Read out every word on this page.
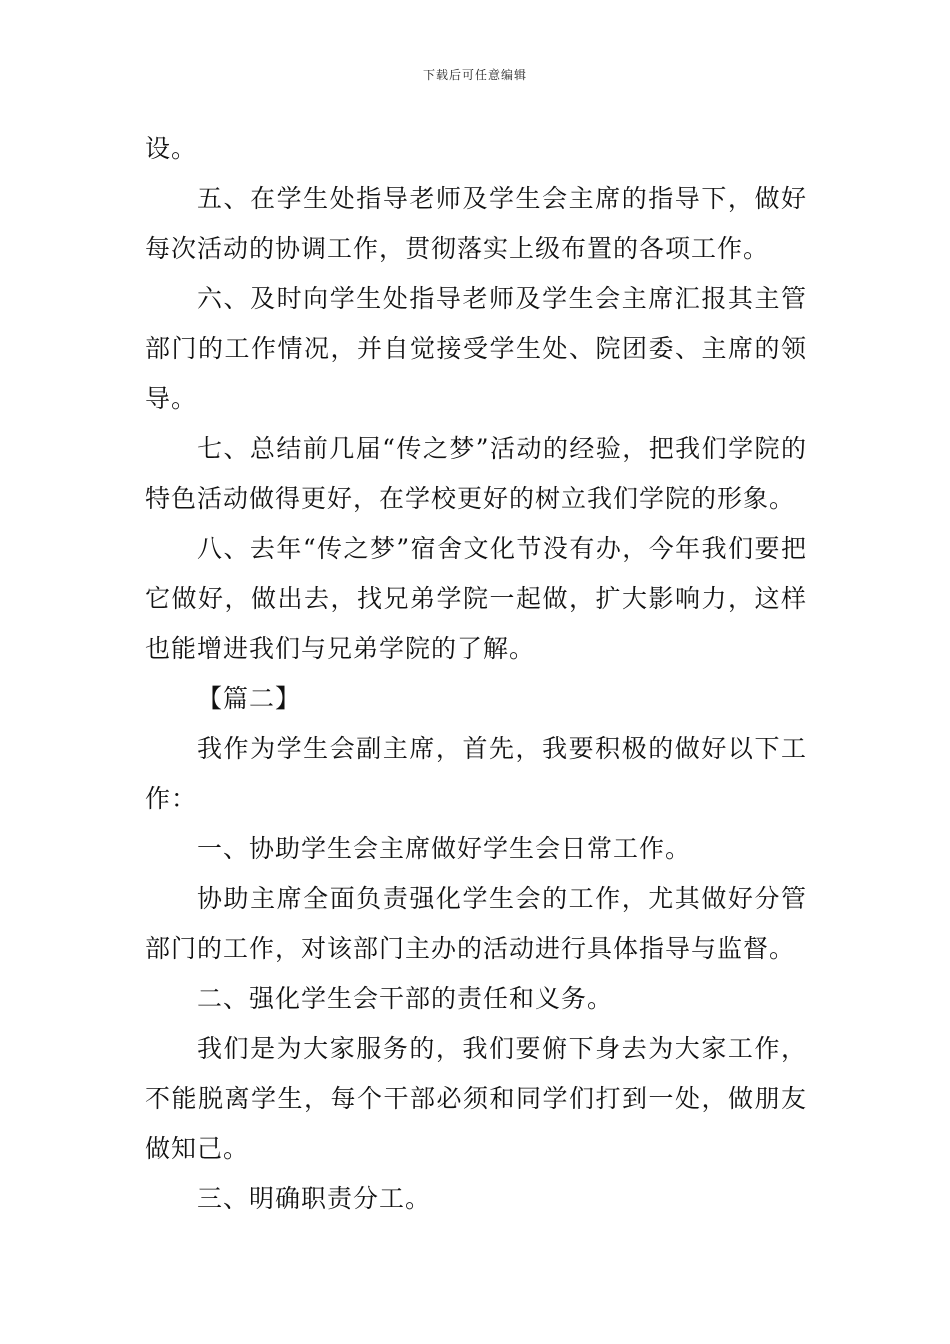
下载后可任意编辑

设。

五、在学生处指导老师及学生会主席的指导下，做好每次活动的协调工作，贯彻落实上级布置的各项工作。

六、及时向学生处指导老师及学生会主席汇报其主管部门的工作情况，并自觉接受学生处、院团委、主席的领导。

七、总结前几届“传之梦”活动的经验，把我们学院的特色活动做得更好，在学校更好的树立我们学院的形象。

八、去年“传之梦”宿舍文化节没有办，今年我们要把它做好，做出去，找兄弟学院一起做，扩大影响力，这样也能增进我们与兄弟学院的了解。

【篇二】

我作为学生会副主席，首先，我要积极的做好以下工作：

一、协助学生会主席做好学生会日常工作。

协助主席全面负责强化学生会的工作，尤其做好分管部门的工作，对该部门主办的活动进行具体指导与监督。

二、强化学生会干部的责任和义务。

我们是为大家服务的，我们要俯下身去为大家工作，不能脱离学生，每个干部必须和同学们打到一处，做朋友做知己。

三、明确职责分工。
